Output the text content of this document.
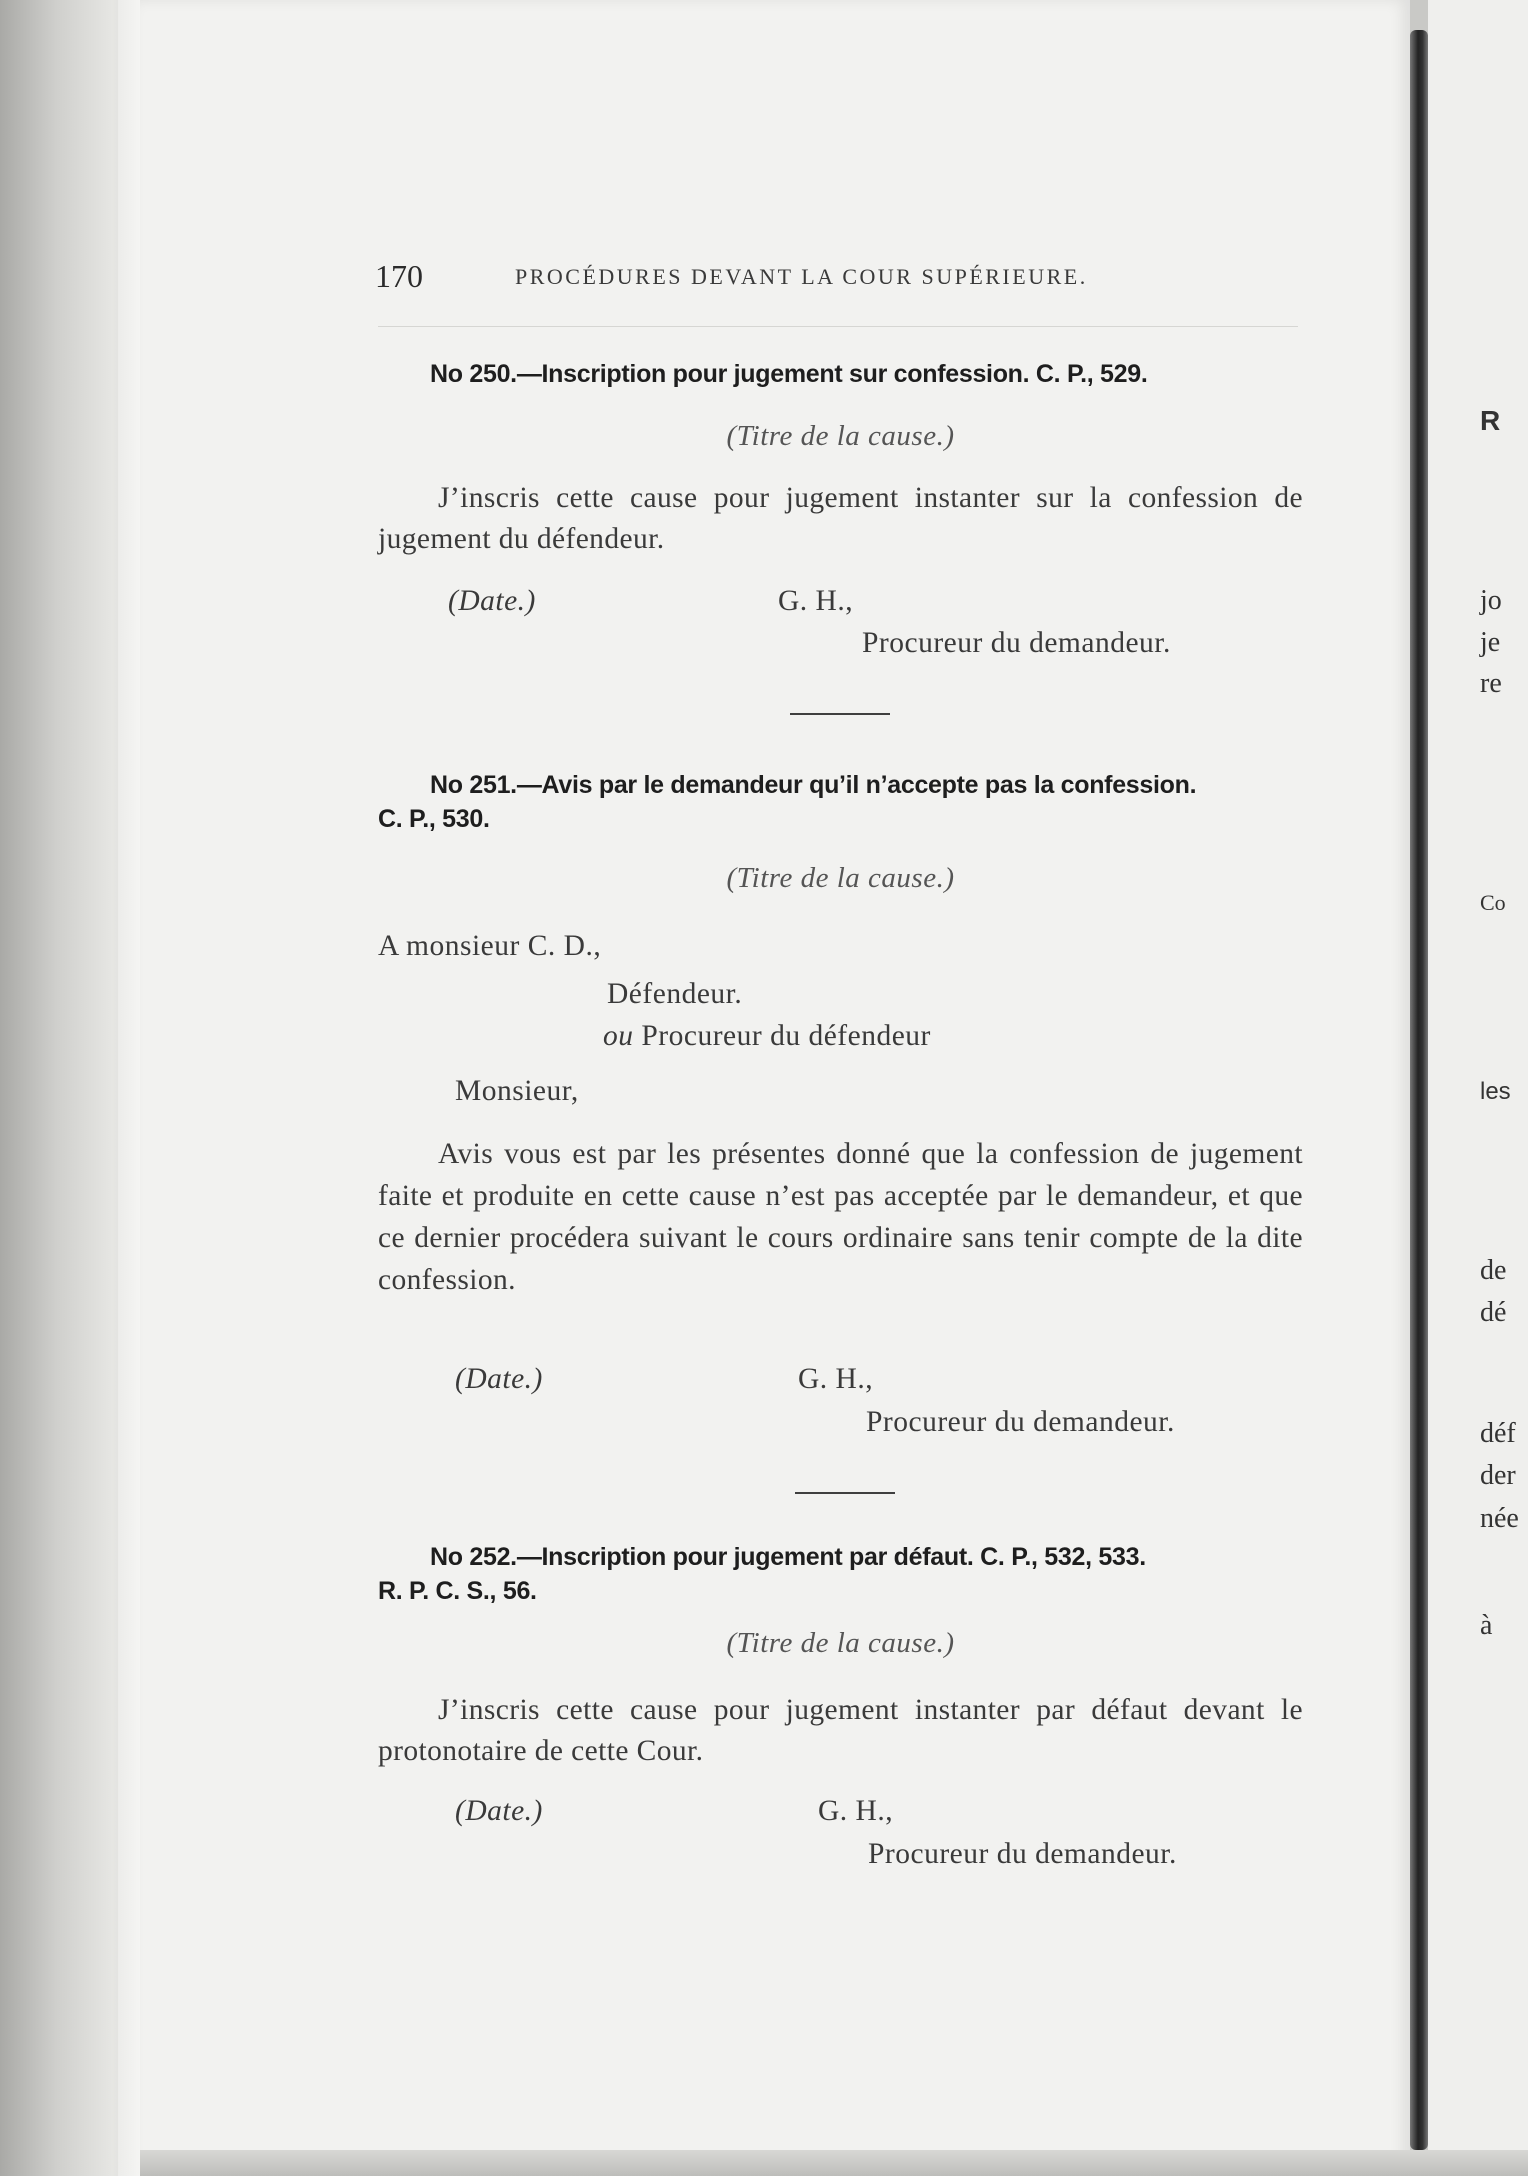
170	PROCÉDURES DEVANT LA COUR SUPÉRIEURE.
No 250.—Inscription pour jugement sur confession. C. P., 529.
(Titre de la cause.)
J’inscris cette cause pour jugement instanter sur la confession de jugement du défendeur.
(Date.)	G. H.,
Procureur du demandeur.
No 251.—Avis par le demandeur qu’il n’accepte pas la confession.
C. P., 530.
(Titre de la cause.)
A monsieur C. D.,
Défendeur.
ou Procureur du défendeur
Monsieur,
Avis vous est par les présentes donné que la confession de jugement faite et produite en cette cause n’est pas acceptée par le demandeur, et que ce dernier procédera suivant le cours ordinaire sans tenir compte de la dite confession.
(Date.)	G. H.,
Procureur du demandeur.
No 252.—Inscription pour jugement par défaut. C. P., 532, 533.
R. P. C. S., 56.
(Titre de la cause.)
J’inscris cette cause pour jugement instanter par défaut devant le protonotaire de cette Cour.
(Date.)	G. H.,
Procureur du demandeur.
R
jo
je
re
Co
les
de
dé
déf
der
née
à
